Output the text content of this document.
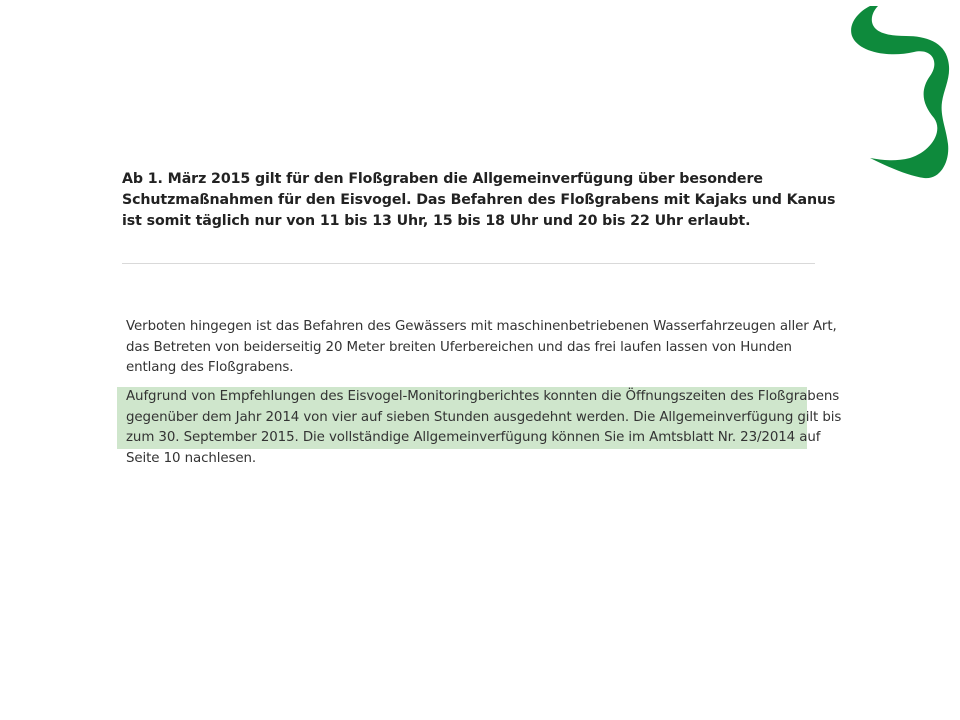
Ab 1. März 2015 gilt für den Floßgraben die Allgemeinverfügung über besondere Schutzmaßnahmen für den Eisvogel. Das Befahren des Floßgrabens mit Kajaks und Kanus ist somit täglich nur von 11 bis 13 Uhr, 15 bis 18 Uhr und 20 bis 22 Uhr erlaubt.

Verboten hingegen ist das Befahren des Gewässers mit maschinenbetriebenen Wasserfahrzeugen aller Art, das Betreten von beiderseitig 20 Meter breiten Uferbereichen und das frei laufen lassen von Hunden entlang des Floßgrabens.

Aufgrund von Empfehlungen des Eisvogel-Monitoringberichtes konnten die Öffnungszeiten des Floßgrabens gegenüber dem Jahr 2014 von vier auf sieben Stunden ausgedehnt werden. Die Allgemeinverfügung gilt bis zum 30. September 2015. Die vollständige Allgemeinverfügung können Sie im Amtsblatt Nr. 23/2014 auf Seite 10 nachlesen.
